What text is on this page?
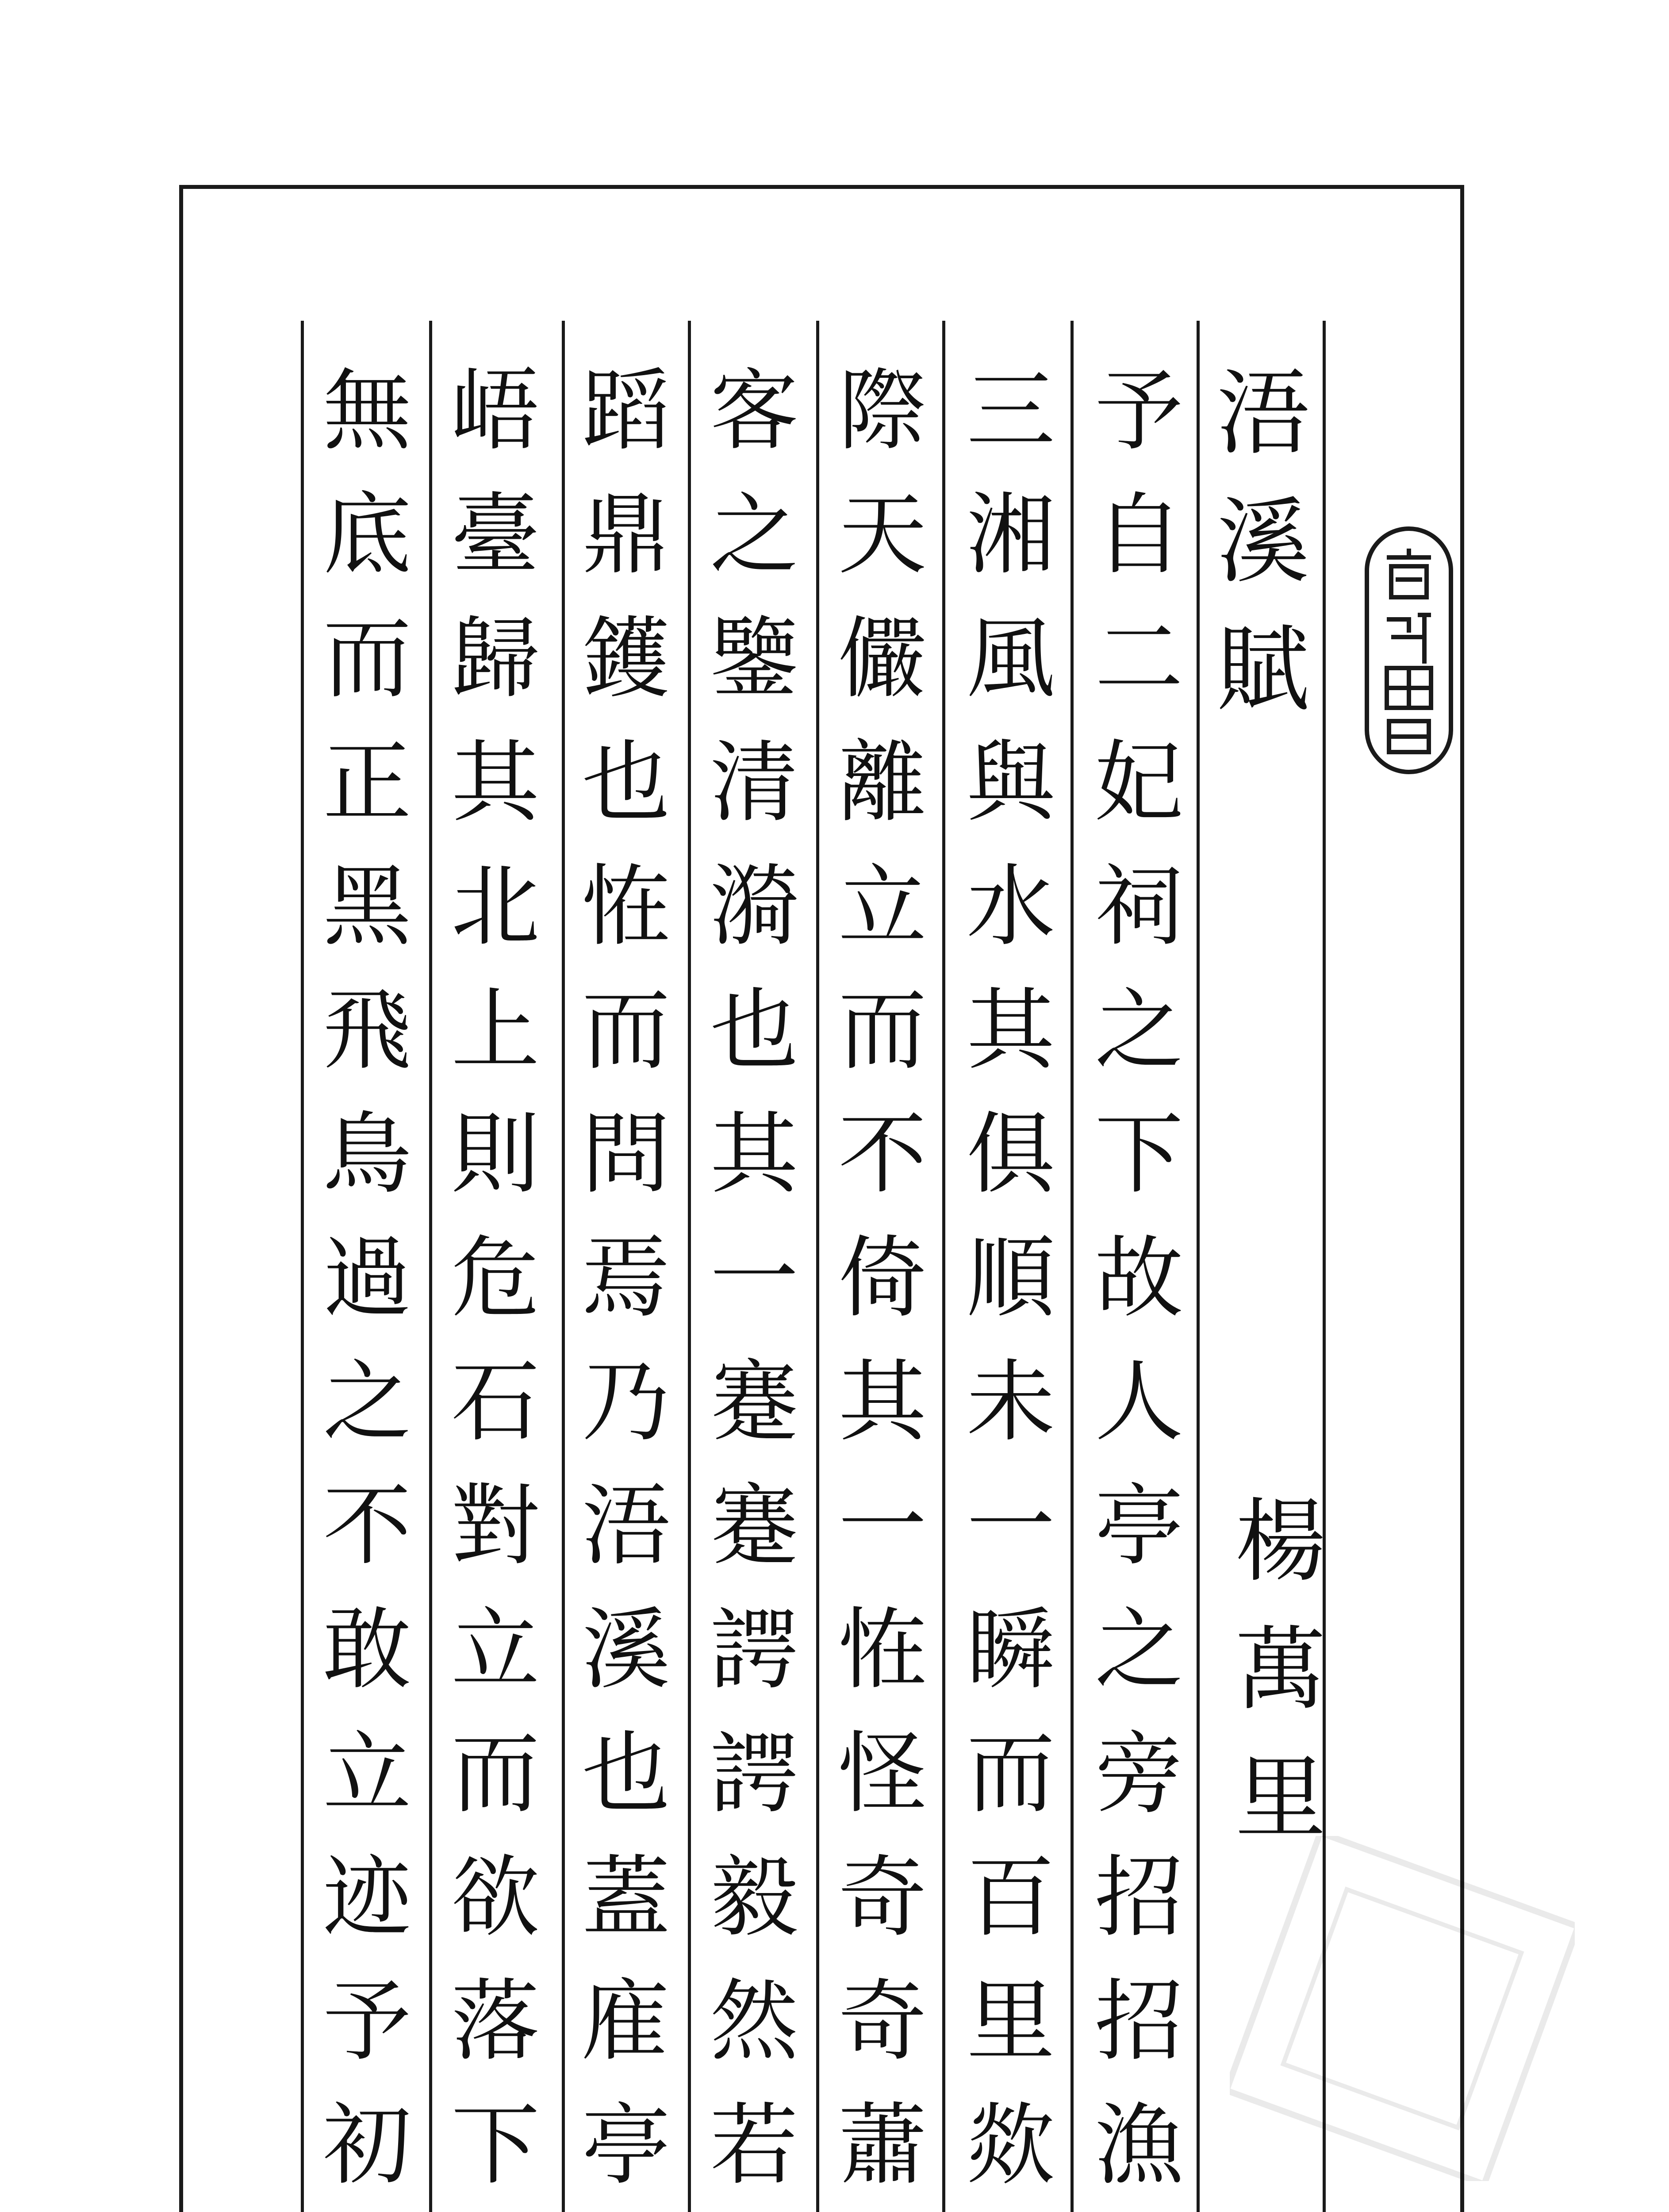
浯
溪
賦
楊
萬
里
予
自
二
妃
祠
之
下
故
人
亭
之
旁
招
招
漁
三
湘
風
與
水
其
俱
順
未
一
瞬
而
百
里
欻
際
天
儼
離
立
而
不
倚
其
一
恠
怪
奇
奇
蕭
客
之
鑒
清
漪
也
其
一
蹇
蹇
諤
諤
毅
然
若
蹈
鼎
鑊
也
恠
而
問
焉
乃
浯
溪
也
蓋
㢈
亭
峿
臺
歸
其
北
上
則
危
石
對
立
而
欲
落
下
無
底
而
正
黑
飛
鳥
過
之
不
敢
立
迹
予
初
